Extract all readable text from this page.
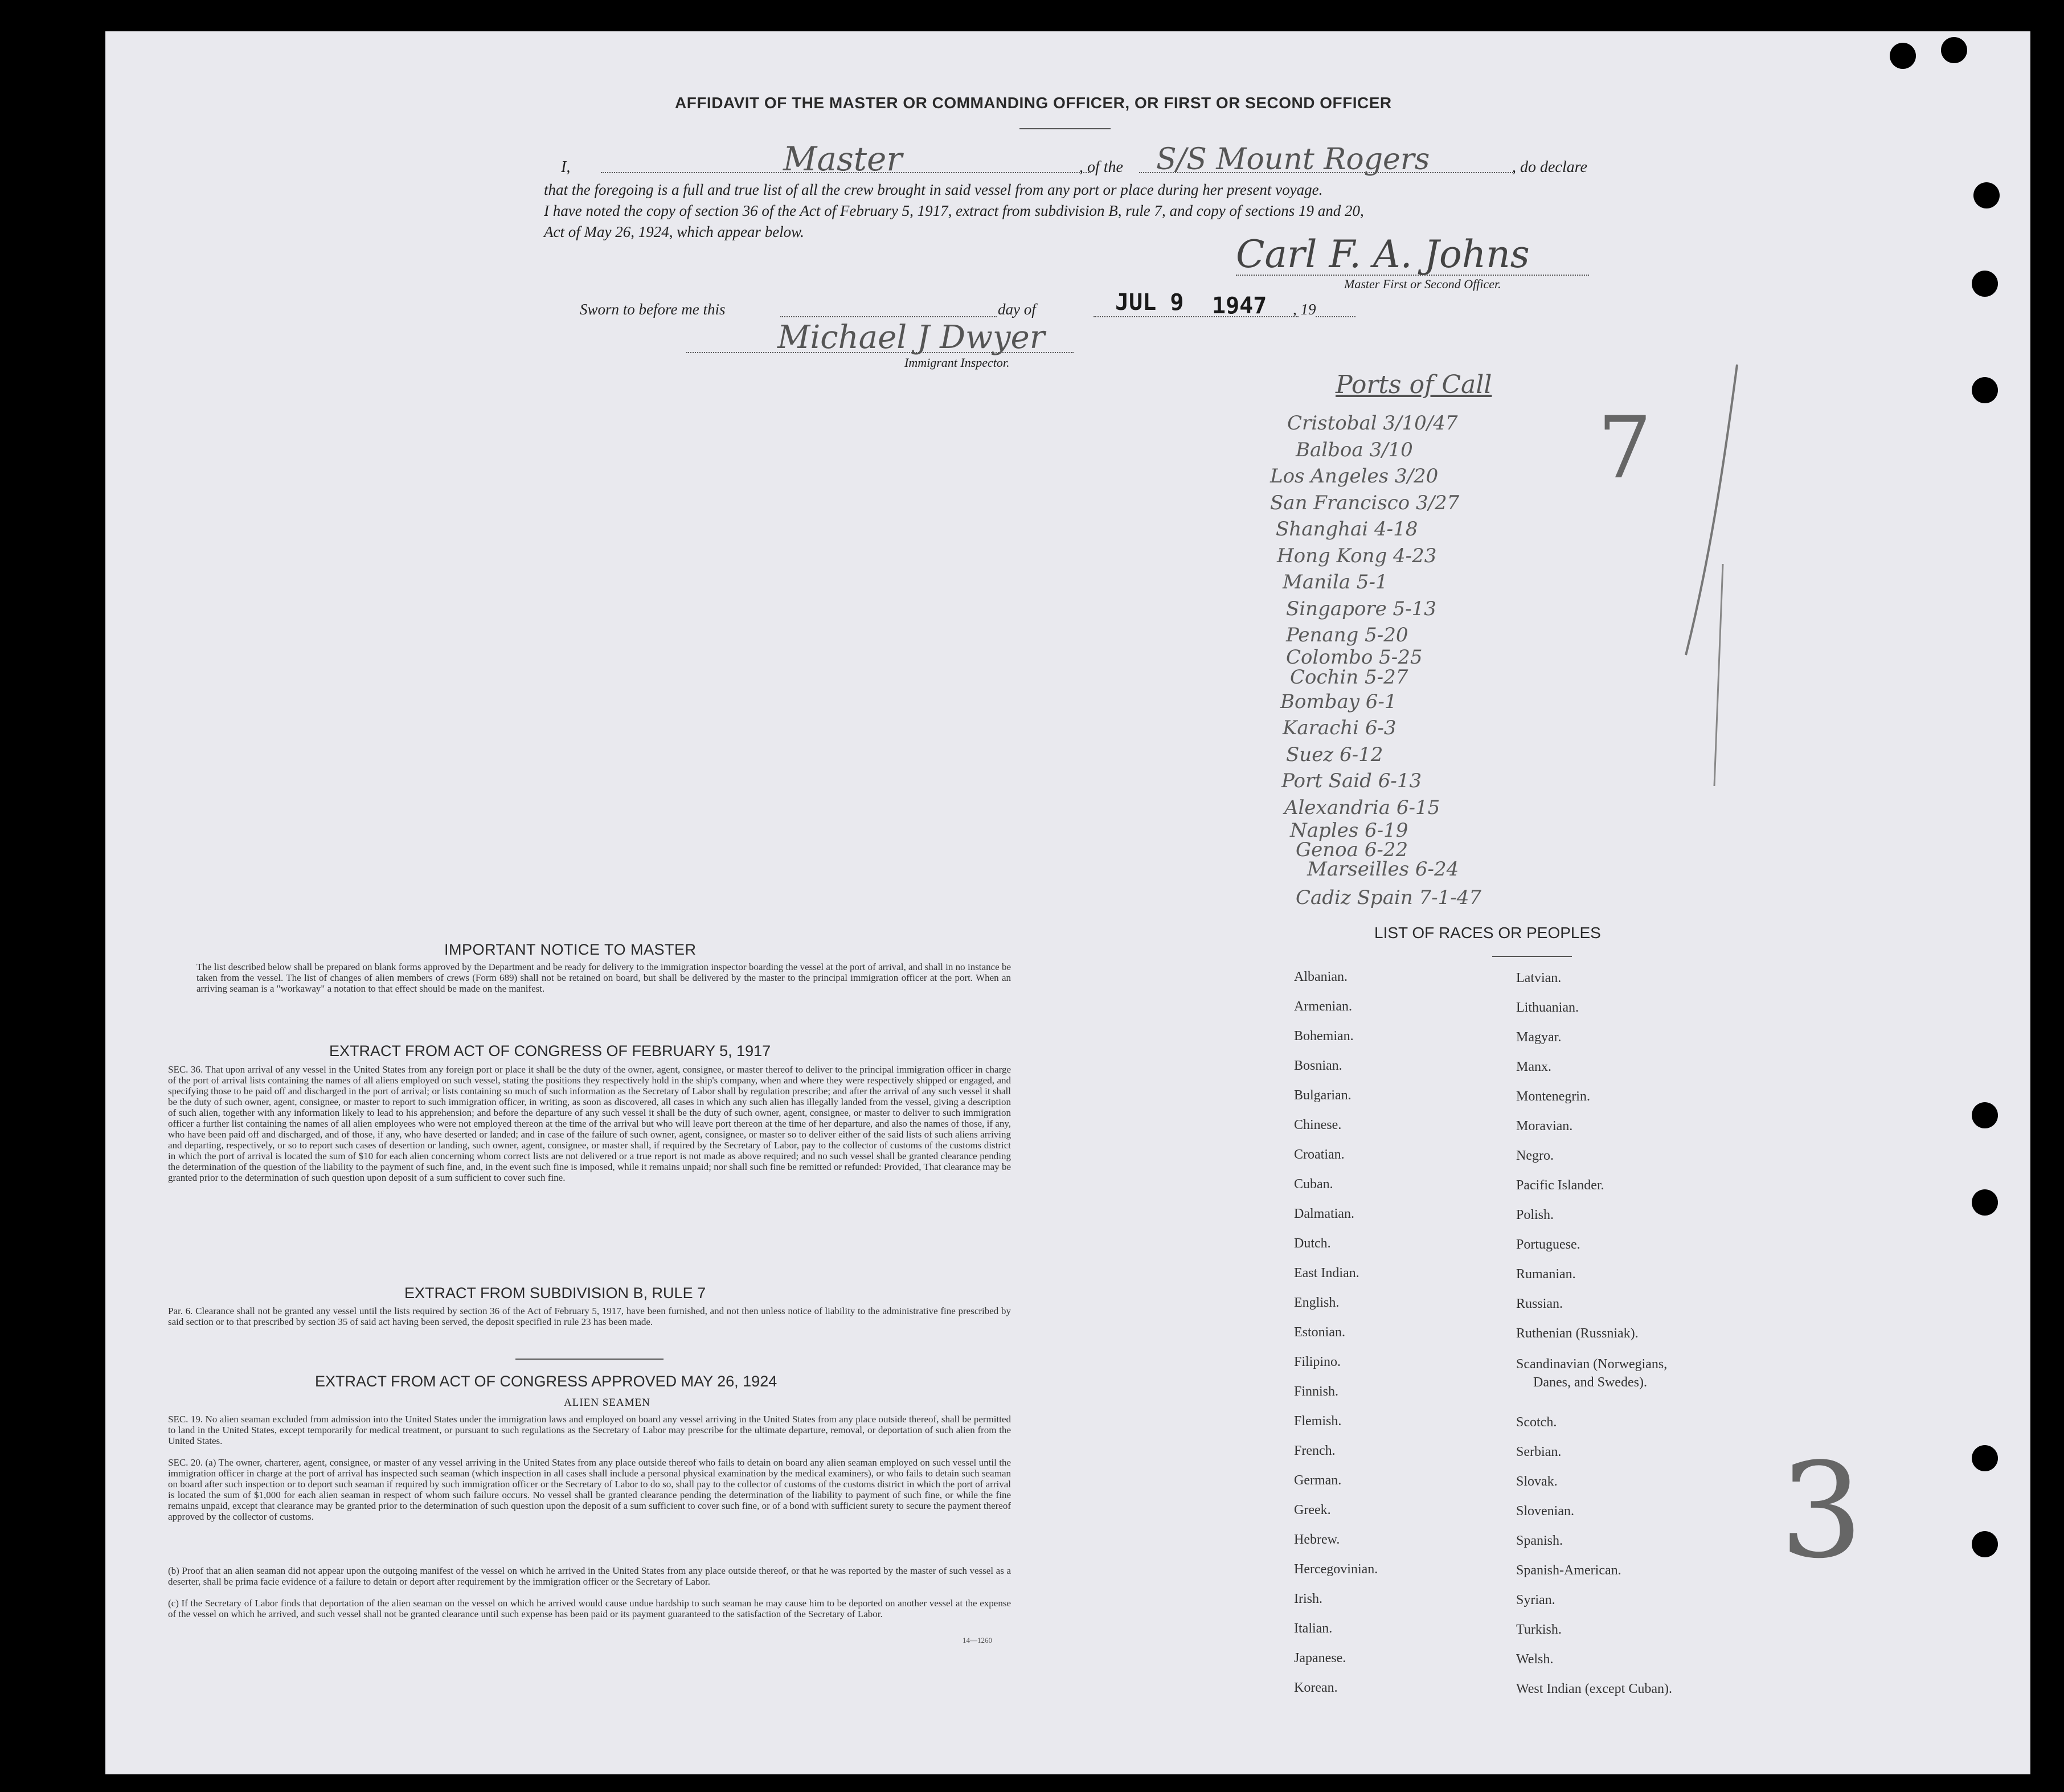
AFFIDAVIT OF THE MASTER OR COMMANDING OFFICER, OR FIRST OR SECOND OFFICER
I,	Master	, of the S/S Mount Rogers	, do declare
that the foregoing is a full and true list of all the crew brought in said vessel from any port or place during her present voyage.
I have noted the copy of section 36 of the Act of February 5, 1917, extract from subdivision B, rule 7, and copy of sections 19 and 20,
Act of May 26, 1924, which appear below.
Carl F. A. Johns
Master First or Second Officer.
Sworn to before me this	day of	JUL 9 1947 , 19
Michael J Dwyer
Immigrant Inspector.
Ports of Call
Cristobal 3/10/47
Balboa 3/10
Los Angeles 3/20
San Francisco 3/27
Shanghai 4-18
Hong Kong 4-23
Manila 5-1
Singapore 5-13
Penang 5-20
Colombo 5-25
Cochin 5-27
Bombay 6-1
Karachi 6-3
Suez 6-12
Port Said 6-13
Alexandria 6-15
Naples 6-19
Genoa 6-22
Marseilles 6-24
Cadiz Spain 7-1-47
7
3
IMPORTANT NOTICE TO MASTER
The list described below shall be prepared on blank forms approved by the Department and be ready for delivery to the immigration inspector boarding the vessel at the port of arrival, and shall in no instance be taken from the vessel. The list of changes of alien members of crews (Form 689) shall not be retained on board, but shall be delivered by the master to the principal immigration officer at the port. When an arriving seaman is a "workaway" a notation to that effect should be made on the manifest.
EXTRACT FROM ACT OF CONGRESS OF FEBRUARY 5, 1917
SEC. 36. That upon arrival of any vessel in the United States from any foreign port or place it shall be the duty of the owner, agent, consignee, or master thereof to deliver to the principal immigration officer in charge of the port of arrival lists containing the names of all aliens employed on such vessel, stating the positions they respectively hold in the ship's company, when and where they were respectively shipped or engaged, and specifying those to be paid off and discharged in the port of arrival; or lists containing so much of such information as the Secretary of Labor shall by regulation prescribe; and after the arrival of any such vessel it shall be the duty of such owner, agent, consignee, or master to report to such immigration officer, in writing, as soon as discovered, all cases in which any such alien has illegally landed from the vessel, giving a description of such alien, together with any information likely to lead to his apprehension; and before the departure of any such vessel it shall be the duty of such owner, agent, consignee, or master to deliver to such immigration officer a further list containing the names of all alien employees who were not employed thereon at the time of the arrival but who will leave port thereon at the time of her departure, and also the names of those, if any, who have been paid off and discharged, and of those, if any, who have deserted or landed; and in case of the failure of such owner, agent, consignee, or master so to deliver either of the said lists of such aliens arriving and departing, respectively, or so to report such cases of desertion or landing, such owner, agent, consignee, or master shall, if required by the Secretary of Labor, pay to the collector of customs of the customs district in which the port of arrival is located the sum of $10 for each alien concerning whom correct lists are not delivered or a true report is not made as above required; and no such vessel shall be granted clearance pending the determination of the question of the liability to the payment of such fine, and, in the event such fine is imposed, while it remains unpaid; nor shall such fine be remitted or refunded: Provided, That clearance may be granted prior to the determination of such question upon deposit of a sum sufficient to cover such fine.
EXTRACT FROM SUBDIVISION B, RULE 7
Par. 6. Clearance shall not be granted any vessel until the lists required by section 36 of the Act of February 5, 1917, have been furnished, and not then unless notice of liability to the administrative fine prescribed by said section or to that prescribed by section 35 of said act having been served, the deposit specified in rule 23 has been made.
EXTRACT FROM ACT OF CONGRESS APPROVED MAY 26, 1924
ALIEN SEAMEN
SEC. 19. No alien seaman excluded from admission into the United States under the immigration laws and employed on board any vessel arriving in the United States from any place outside thereof, shall be permitted to land in the United States, except temporarily for medical treatment, or pursuant to such regulations as the Secretary of Labor may prescribe for the ultimate departure, removal, or deportation of such alien from the United States.
SEC. 20. (a) The owner, charterer, agent, consignee, or master of any vessel arriving in the United States from any place outside thereof who fails to detain on board any alien seaman employed on such vessel until the immigration officer in charge at the port of arrival has inspected such seaman (which inspection in all cases shall include a personal physical examination by the medical examiners), or who fails to detain such seaman on board after such inspection or to deport such seaman if required by such immigration officer or the Secretary of Labor to do so, shall pay to the collector of customs of the customs district in which the port of arrival is located the sum of $1,000 for each alien seaman in respect of whom such failure occurs. No vessel shall be granted clearance pending the determination of the liability to payment of such fine, or while the fine remains unpaid, except that clearance may be granted prior to the determination of such question upon the deposit of a sum sufficient to cover such fine, or of a bond with sufficient surety to secure the payment thereof approved by the collector of customs.
(b) Proof that an alien seaman did not appear upon the outgoing manifest of the vessel on which he arrived in the United States from any place outside thereof, or that he was reported by the master of such vessel as a deserter, shall be prima facie evidence of a failure to detain or deport after requirement by the immigration officer or the Secretary of Labor.
(c) If the Secretary of Labor finds that deportation of the alien seaman on the vessel on which he arrived would cause undue hardship to such seaman he may cause him to be deported on another vessel at the expense of the vessel on which he arrived, and such vessel shall not be granted clearance until such expense has been paid or its payment guaranteed to the satisfaction of the Secretary of Labor.
14—1260
LIST OF RACES OR PEOPLES
Albanian.
Armenian.
Bohemian.
Bosnian.
Bulgarian.
Chinese.
Croatian.
Cuban.
Dalmatian.
Dutch.
East Indian.
English.
Estonian.
Filipino.
Finnish.
Flemish.
French.
German.
Greek.
Hebrew.
Hercegovinian.
Irish.
Italian.
Japanese.
Korean.
Latvian.
Lithuanian.
Magyar.
Manx.
Montenegrin.
Moravian.
Negro.
Pacific Islander.
Polish.
Portuguese.
Rumanian.
Russian.
Ruthenian (Russniak).
Scandinavian (Norwegians,
Danes, and Swedes).
Scotch.
Serbian.
Slovak.
Slovenian.
Spanish.
Spanish-American.
Syrian.
Turkish.
Welsh.
West Indian (except Cuban).
